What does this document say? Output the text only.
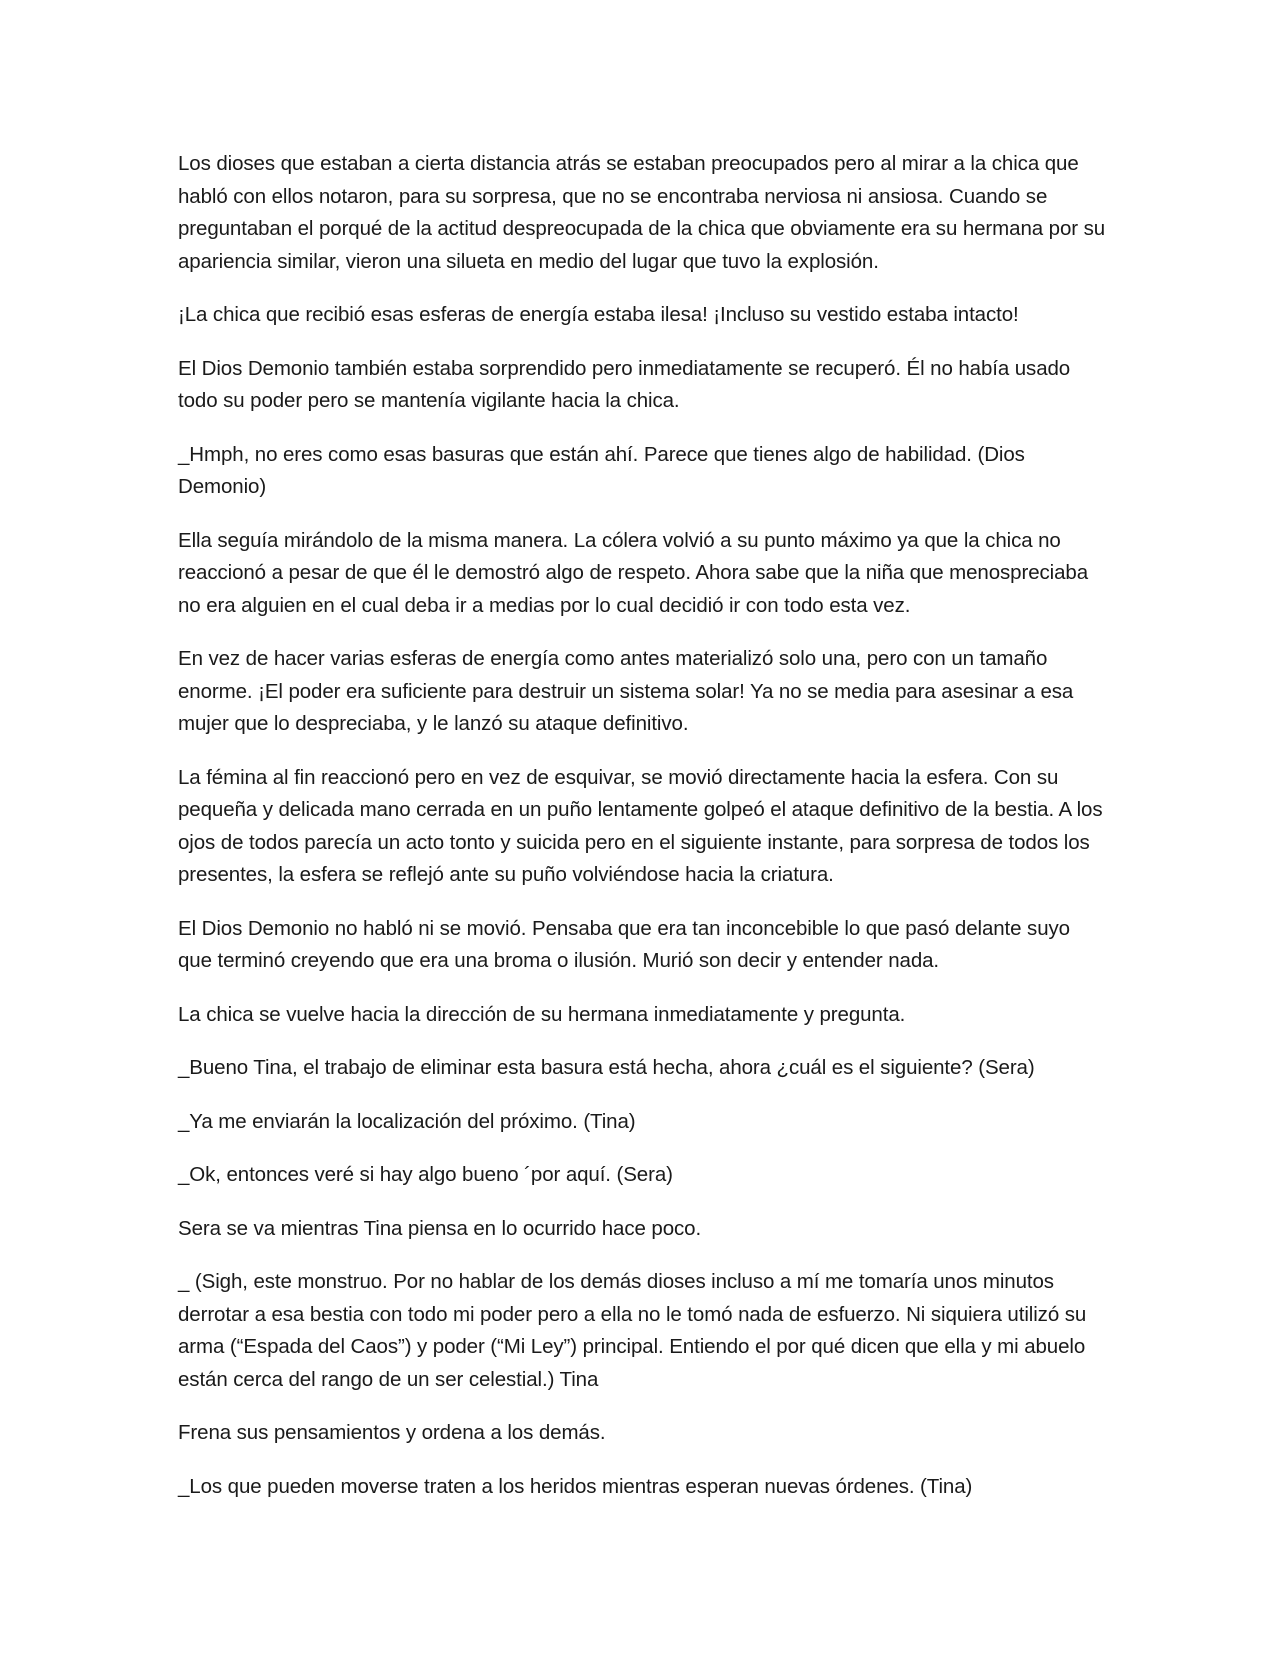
Los dioses que estaban a cierta distancia atrás se estaban preocupados pero al mirar a la chica que habló con ellos notaron, para su sorpresa, que no se encontraba nerviosa ni ansiosa. Cuando se preguntaban el porqué de la actitud despreocupada de la chica que obviamente era su hermana por su apariencia similar, vieron una silueta en medio del lugar que tuvo la explosión.

¡La chica que recibió esas esferas de energía estaba ilesa! ¡Incluso su vestido estaba intacto!

El Dios Demonio también estaba sorprendido pero inmediatamente se recuperó. Él no había usado todo su poder pero se mantenía vigilante hacia la chica.

_Hmph, no eres como esas basuras que están ahí. Parece que tienes algo de habilidad. (Dios Demonio)

Ella seguía mirándolo de la misma manera. La cólera volvió a su punto máximo ya que la chica no reaccionó a pesar de que él le demostró algo de respeto. Ahora sabe que la niña que menospreciaba no era alguien en el cual deba ir a medias por lo cual decidió ir con todo esta vez.

En vez de hacer varias esferas de energía como antes materializó solo una, pero con un tamaño enorme. ¡El poder era suficiente para destruir un sistema solar! Ya no se media para asesinar a esa mujer que lo despreciaba, y le lanzó su ataque definitivo.

La fémina al fin reaccionó pero en vez de esquivar, se movió directamente hacia la esfera. Con su pequeña y delicada mano cerrada en un puño lentamente golpeó el ataque definitivo de la bestia. A los ojos de todos parecía un acto tonto y suicida pero en el siguiente instante, para sorpresa de todos los presentes, la esfera se reflejó ante su puño volviéndose hacia la criatura.

El Dios Demonio no habló ni se movió. Pensaba que era tan inconcebible lo que pasó delante suyo que terminó creyendo que era una broma o ilusión. Murió son decir y entender nada.

La chica se vuelve hacia la dirección de su hermana inmediatamente y pregunta.

_Bueno Tina, el trabajo de eliminar esta basura está hecha, ahora ¿cuál es el siguiente? (Sera)

_Ya me enviarán la localización del próximo. (Tina)

_Ok, entonces veré si hay algo bueno ´por aquí. (Sera)

Sera se va mientras Tina piensa en lo ocurrido hace poco.

_ (Sigh, este monstruo. Por no hablar de los demás dioses incluso a mí me tomaría unos minutos derrotar a esa bestia con todo mi poder pero a ella no le tomó nada de esfuerzo. Ni siquiera utilizó su arma (“Espada del Caos”) y poder (“Mi Ley”) principal. Entiendo el por qué dicen que ella y mi abuelo están cerca del rango de un ser celestial.) Tina

Frena sus pensamientos y ordena a los demás.

_Los que pueden moverse traten a los heridos mientras esperan nuevas órdenes. (Tina)
